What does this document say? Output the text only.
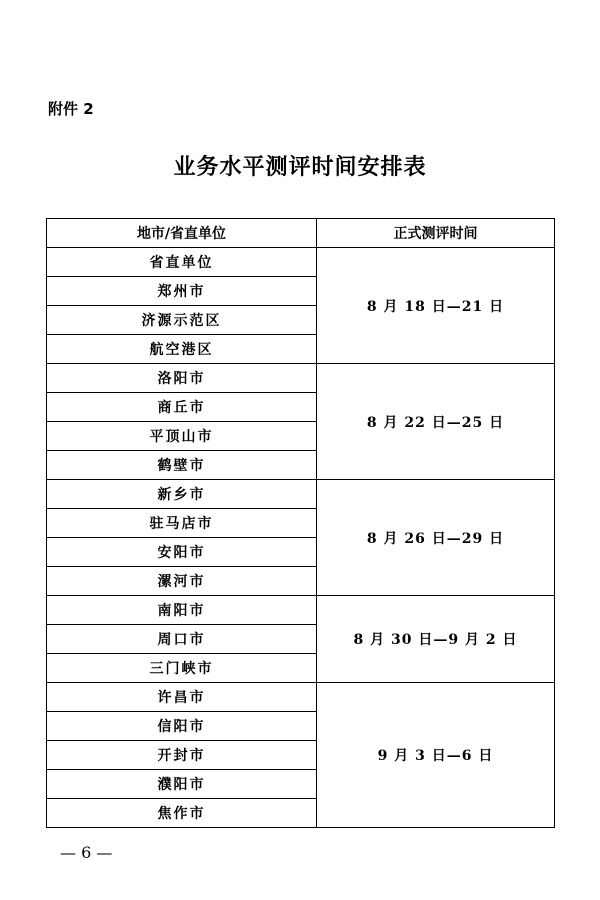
附件 2
业务水平测评时间安排表
地市/省直单位	正式测评时间
省直单位	8 月 18 日—21 日
郑州市	
济源示范区	
航空港区	
洛阳市	8 月 22 日—25 日
商丘市	
平顶山市	
鹤壁市	
新乡市	8 月 26 日—29 日
驻马店市	
安阳市	
漯河市	
南阳市	8 月 30 日—9 月 2 日
周口市	
三门峡市	
许昌市	9 月 3 日—6 日
信阳市	
开封市	
濮阳市	
焦作市	
— 6 —
